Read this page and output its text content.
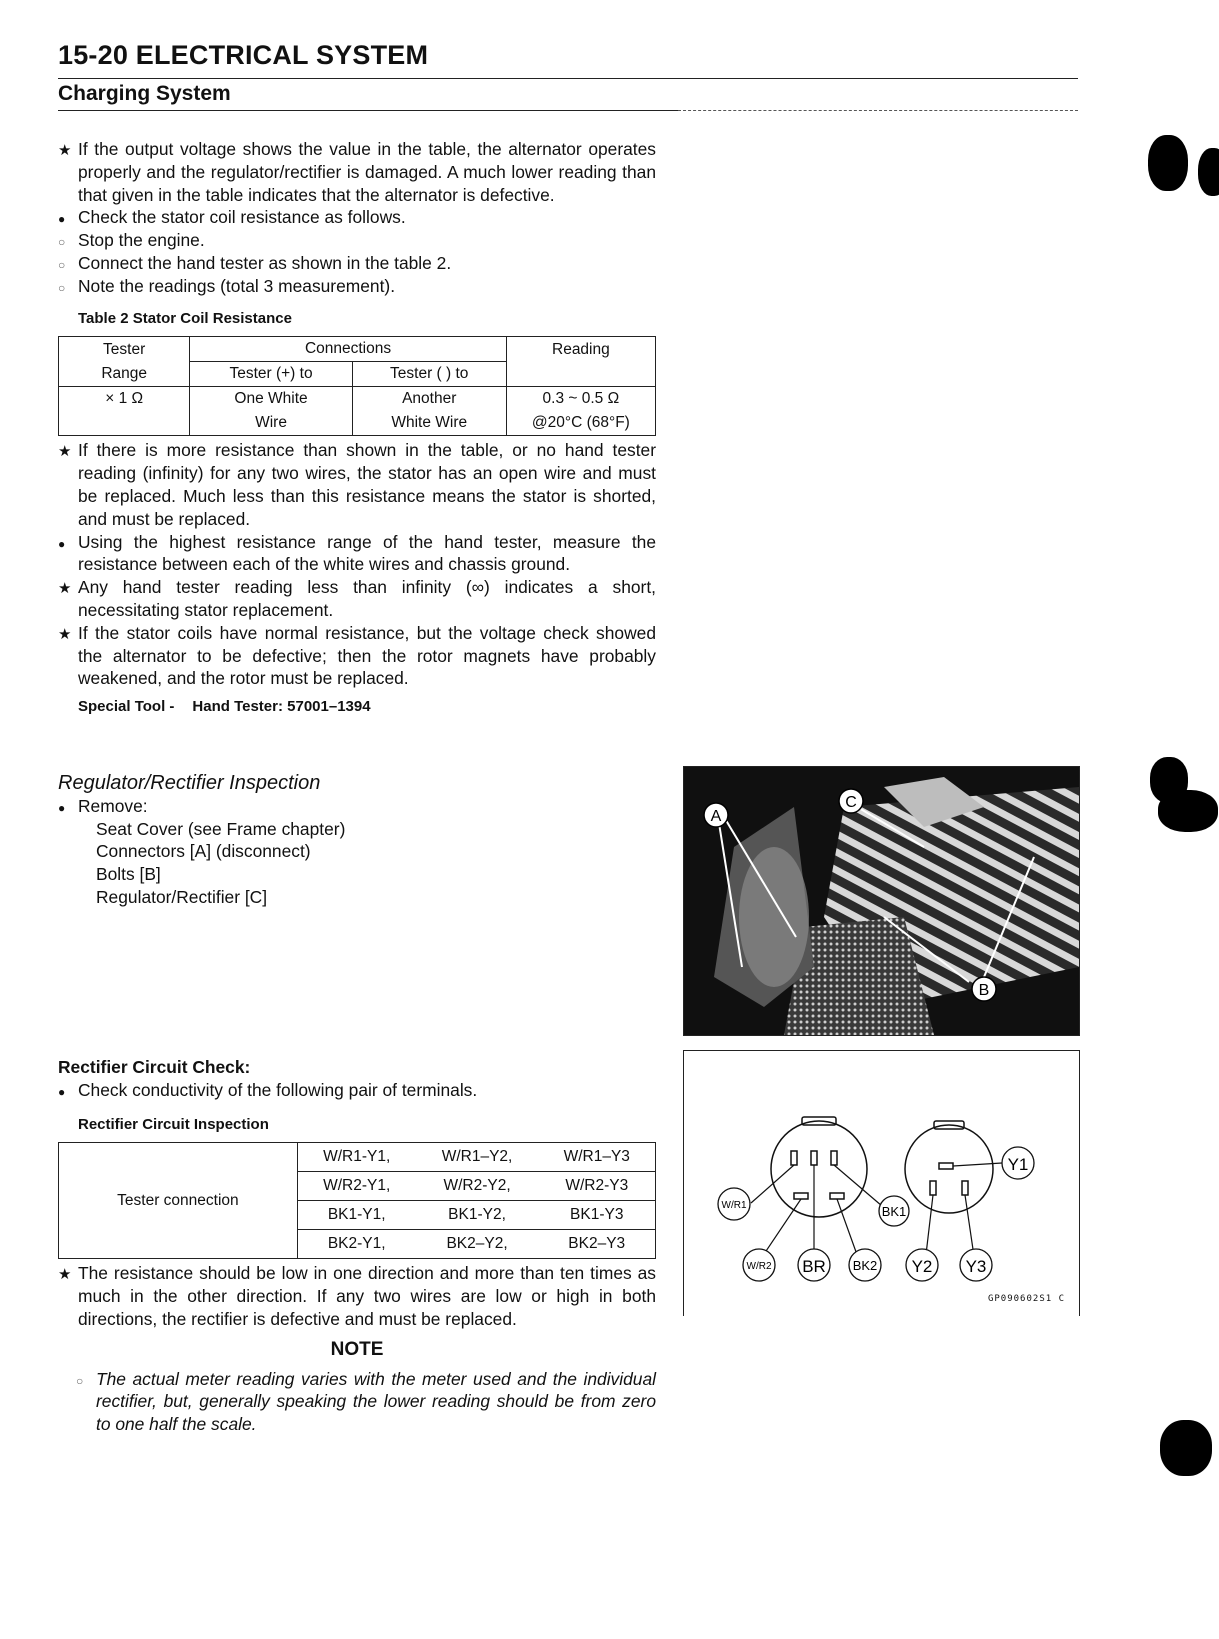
15-20 ELECTRICAL SYSTEM
Charging System
★
If the output voltage shows the value in the table, the alternator operates properly and the regulator/rectifier is damaged. A much lower reading than that given in the table indicates that the alternator is defective.
●
Check the stator coil resistance as follows.
○
Stop the engine.
○
Connect the hand tester as shown in the table 2.
○
Note the readings (total 3 measurement).
Table 2 Stator Coil Resistance
Tester	Connections		Reading
Range	Tester (+) to	Tester ( ) to	
× 1 Ω	One White	Another	0.3 ~ 0.5 Ω
	Wire	White Wire	@20°C (68°F)
★
If there is more resistance than shown in the table, or no hand tester reading (infinity) for any two wires, the stator has an open wire and must be replaced. Much less than this resistance means the stator is shorted, and must be replaced.
●
Using the highest resistance range of the hand tester, measure the resistance between each of the white wires and chassis ground.
★
Any hand tester reading less than infinity (∞) indicates a short, necessitating stator replacement.
★
If the stator coils have normal resistance, but the voltage check showed the alternator to be defective; then the rotor magnets have probably weakened, and the rotor must be replaced.
Special Tool - Hand Tester: 57001–1394
Regulator/Rectifier Inspection
●
Remove:
Seat Cover (see Frame chapter)
Connectors [A] (disconnect)
Bolts [B]
Regulator/Rectifier [C]
Rectifier Circuit Check:
●
Check conductivity of the following pair of terminals.
Rectifier Circuit Inspection
Tester connection	W/R1-Y1,	W/R1–Y2,	W/R1–Y3
	W/R2-Y1,	W/R2-Y2,	W/R2-Y3
	BK1-Y1,	BK1-Y2,	BK1-Y3
	BK2-Y1,	BK2–Y2,	BK2–Y3
★
The resistance should be low in one direction and more than ten times as much in the other direction. If any two wires are low or high in both directions, the rectifier is defective and must be replaced.
NOTE
○
The actual meter reading varies with the meter used and the individual rectifier, but, generally speaking the lower reading should be from zero to one half the scale.
A
C
B
W/R1	BK1
W/R2 BR BK2
Y1
Y2 Y3
GP090602S1 C
